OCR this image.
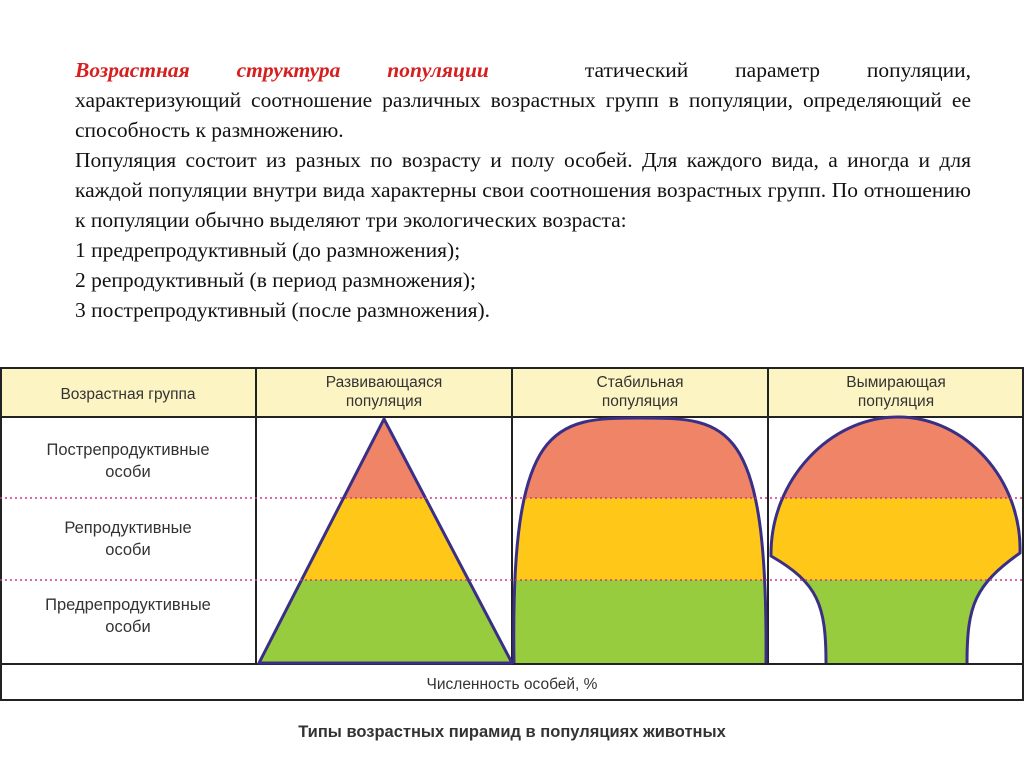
Возрастная структура популяции	татический параметр популяции, характеризующий соотношение различных возрастных групп в популяции, определяющий ее способность к размножению.

Популяция состоит из разных по возрасту и полу особей. Для каждого вида, а иногда и для каждой популяции внутри вида характерны свои соотношения возрастных групп. По отношению к популяции обычно выделяют три экологических возраста:

1 предрепродуктивный (до размножения);

2 репродуктивный (в период размножения);

3 пострепродуктивный (после размножения).

Возрастная группа
Развивающаяся
популяция
Стабильная
популяция
Вымирающая
популяция
Пострепродуктивные
особи
Репродуктивные
особи
Предрепродуктивные
особи
Численность особей, %
Типы возрастных пирамид в популяциях животных
